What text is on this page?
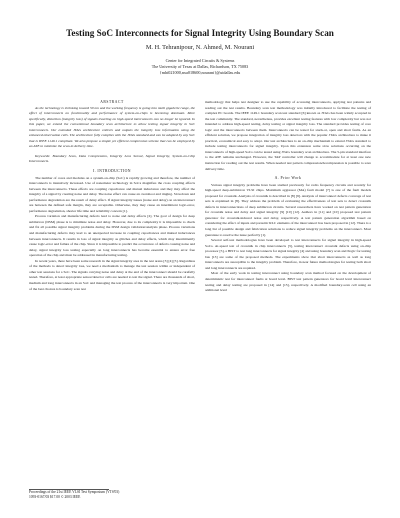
Testing SoC Interconnects for Signal Integrity Using Boundary Scan
M. H. Tehranipour, N. Ahmed, M. Nourani
Center for Integrated Circuits & Systems
The University of Texas at Dallas, Richardson, TX 75083
{mht021000,nxa018600,nourani}@utdallas.edu

ABSTRACT

As the technology is shrinking toward 50 nm and the working frequency is going into multi gigahertz range, the effect of interconnects on functionality and performance of system-on-chips is becoming dominant. More specifically, distortion (integrity loss) of signals traveling on high-speed interconnects can no longer be ignored. In this paper, we extend the conventional boundary scan architecture to allow testing signal integrity in SoC interconnects. Our extended JTAG architecture collects and outputs the integrity loss information using the enhanced observation cells. The architecture fully complies with the JTAG standard and can be adopted by any SoC that is IEEE 1149.1 compliant. We also propose a simple yet efficient compression scheme that can be employed by an ATE to minimize the scan-in delivery time.

Keywords: Boundary Scan, Data Compression, Integrity Loss Sensor, Signal Integrity, System-on-Chip Interconnects.

I. INTRODUCTION

The number of cores and modules on a system-on-chip (SoC) is rapidly growing and therefore, the number of interconnects is intensively increased. Use of nanometer technology in SoCs magnifies the cross coupling effects between the interconnects. These effects are coupling capacitance and mutual inductance and they may affect the integrity of a signal by creating noise and delay. The noise effect can cause an overshoot and ringing. Slowdown and performance degradation are the result of delay effect. If signal integrity issues (noise and delay) on an interconnect are between the defined safe margin, they are acceptable. Otherwise, they may cause an intermittent logic-error, performance degradation, shorter life time and reliability concern [1].

Process variation and manufacturing defects lead to noise and delay effects [2]. The goal of design for deep submicron (DSM) phase is to minimize noise and delay. However, due to its complexity it is impossible to check and fix all possible signal integrity problems during the DSM design validation/analysis phase. Process variations and manufacturing defects may lead to an unexpected increase in coupling capacitances and mutual inductances between interconnects. It results in loss of signal integrity as glitches and delay effects, which may intermittently cause logic-error and failure of the chip. Since it is impossible to predict the occurrence of defects causing noise and delay, signal integrity loss testing especially on long interconnects has become essential to ensure error free operation of the chip and must be addressed in manufacturing testing.

In recent years, there have been some research in the signal integrity area in the test arena [3] [4] [5]. Regardless of the methods to detect integrity loss, we need a mechanism to manage the test session within or independent of other test sessions for a SoC. The signals carrying noise and delay at the end of the interconnect should be carefully tested. Therefore, at least appropriate sensor/detector cells are needed to test the signal. There are thousands of short, medium and long interconnects in an SoC and managing the test process of the interconnects is very important. One of the best choices is boundary scan test

methodology that helps test designer to use the capability of accessing interconnects, applying test patterns and reading out the test results. Boundary scan test methodology was initially introduced to facilitate the testing of complex PC boards. The IEEE 1149.1 boundary scan test standard [6] known as JTAG has been widely accepted in the test community. The standard, nevertheless, provides excellent testing features with low complexity but was not intended to address high-speed testing, delay testing or signal integrity loss. The standard provides testing of core logic and the interconnects between them. Interconnects can be tested for stuck-at, open and short faults. As an efficient solution, we propose integration of integrity loss detectors with the popular JTAG architecture to make it practical, economical and easy to adopt. Our test architecture is an on-chip mechanism to extend JTAG standard to include testing interconnects for signal integrity. Upon this extension some slow solutions occurring on the interconnects of high-speed SoCs can be tested using JTAG boundary scan architecture. The 5-pin standard interface to the ATE remains unchanged. However, the TAP controller will change to accommodate for at least one new instruction for reading out the test results. When needed test pattern compression/decompression is possible to save delivery time.

A. Prior Work

Various signal integrity problems have been studied previously for radio frequency circuits and recently for high-speed deep-submicron VLSI chips. Maximum aggressor (MA) fault model [7] is one of the fault models proposed for crosstalk. Analysis of crosstalk is described in [8] [9]. Analysis of interconnect defects coverage of test sets is explained in [8]. They address the problem of evaluating the effectiveness of test sets to detect crosstalk defects in interconnections of deep submicron circuits. Several researchers have worked on test pattern generation for crosstalk noise and delay and signal integrity [9] [10] [12]. Authors in [11] and [10] proposed test pattern generator for crosstalk-induced noise and delay, respectively. A test pattern generation algorithm based on considering the effect of inputs and parasitic RLC elements of the interconnect has been proposed in [12]. There is a long list of possible design and fabrication solutions to reduce signal integrity problems on the interconnect. Most guarantee to resolve the issue perfectly [1].

Several self-test methodologies have been developed to test interconnects for signal integrity in high-speed SoCs. At-speed test of crosstalk in chip interconnects [3], testing interconnect crosstalk defects using on-chip processor [5], a BIST to test long interconnects for signal integrity [4] and using boundary scan and Ilogic for testing bus [13] are some of the proposed methods. The experiments show that short interconnects as well as long interconnects are susceptible to the integrity problem. Therefore, in near future methodologies for testing both short and long interconnects are required.

Most of the early work in testing interconnect using boundary scan method focused on the development of deterministic test for interconnect faults at board level. BIST test pattern generators for board level interconnect testing and delay testing are proposed in [14] and [15], respectively. A modified boundary-scan cell using an additional level

Proceedings of the 21st IEEE VLSI Test Symposium (VTS'03)
1093-0167/03 $17.00 © 2003 IEEE
